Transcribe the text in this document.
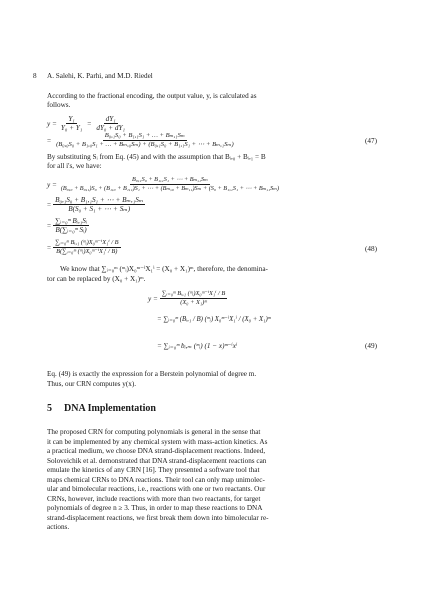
8 A. Salehi, K. Parhi, and M.D. Riedel
According to the fractional encoding, the output value, y, is calculated as
follows.
$y = \frac{\text{Y₁}}{\text{Y₀ + Y₁}} = \frac{\text{dY₁}}{\text{dY₀ + dY₁}}$
=
B₀,₁S₀ + B₁,₁S₁ + … + Bₘ,₁Sₘ
(B₀,₀S₀ + B₁,₀S₁ + … + Bₘ,₀Sₘ) + (B₀,₁S₀ + B₁,₁S₁ + ⋯ + Bₘ,₁Sₘ)	(47)
By substituting Sᵢ from Eq. (45) and with the assumption that Bᵢ,₀ + Bᵢ,₁ = B
for all i's, we have:
y =
B₀,₁S₀ + B₁,₁S₁ + ⋯ + Bₘ,₁Sₘ
(B₀,₀ + B₀,₁)S₀ + (B₁,₀ + B₁,₁)S₁ + ⋯ + (Bₘ,₀ + Bₘ,₁)Sₘ + (S₀ + B₁,₁S₁ + ⋯ + Bₘ,₁Sₘ)
= $\frac{\text{B₀,₁S₀ + B₁,₁S₁ + ⋯ + Bₘ,₁Sₘ}}{\text{B(S₀ + S₁ + ⋯ + Sₘ)}}$
= $\frac{\text{∑ᵢ₌₀ᵐ Bᵢ,₁Sᵢ}}{\text{B(∑ᵢ₌₀ᵐ Sᵢ)}}$
= $\frac{\text{∑ᵢ₌₀ᵐ Bᵢ,₁ (ᵐᵢ)X₀ᵐ⁻ⁱX₁ⁱ / B}}{\text{B(∑ᵢ₌₀ᵐ (ᵐᵢ)X₀ᵐ⁻ⁱX₁ⁱ / B)}}$	(48)
We know that ∑ᵢ₌₀ᵐ (ᵐᵢ)X₀ᵐ⁻ⁱX₁ⁱ = (X₀ + X₁)ᵐ, therefore, the denomina-
tor can be replaced by (X₀ + X₁)ᵐ.
$y = \frac{\text{∑ᵢ₌₀ᵐ Bᵢ,₁ (ᵐᵢ)X₀ᵐ⁻ⁱX₁ⁱ / B}}{\text{(X₀ + X₁)ᵐ}}$
= ∑ᵢ₌₀ᵐ (Bᵢ,₁ / B) (ᵐᵢ) X₀ᵐ⁻ⁱX₁ⁱ / (X₀ + X₁)ᵐ
= ∑ᵢ₌₀ᵐ bᵢ,ₘ (ᵐᵢ) (1 − x)ᵐ⁻ⁱxⁱ	(49)
Eq. (49) is exactly the expression for a Berstein polynomial of degree m.
Thus, our CRN computes y(x).
5 DNA Implementation
The proposed CRN for computing polynomials is general in the sense that
it can be implemented by any chemical system with mass-action kinetics. As
a practical medium, we choose DNA strand-displacement reactions. Indeed,
Soloveichik et al. demonstrated that DNA strand-displacement reactions can
emulate the kinetics of any CRN [16]. They presented a software tool that
maps chemical CRNs to DNA reactions. Their tool can only map unimolec-
ular and bimolecular reactions, i.e., reactions with one or two reactants. Our
CRNs, however, include reactions with more than two reactants, for target
polynomials of degree n ≥ 3. Thus, in order to map these reactions to DNA
strand-displacement reactions, we first break them down into bimolecular re-
actions.
